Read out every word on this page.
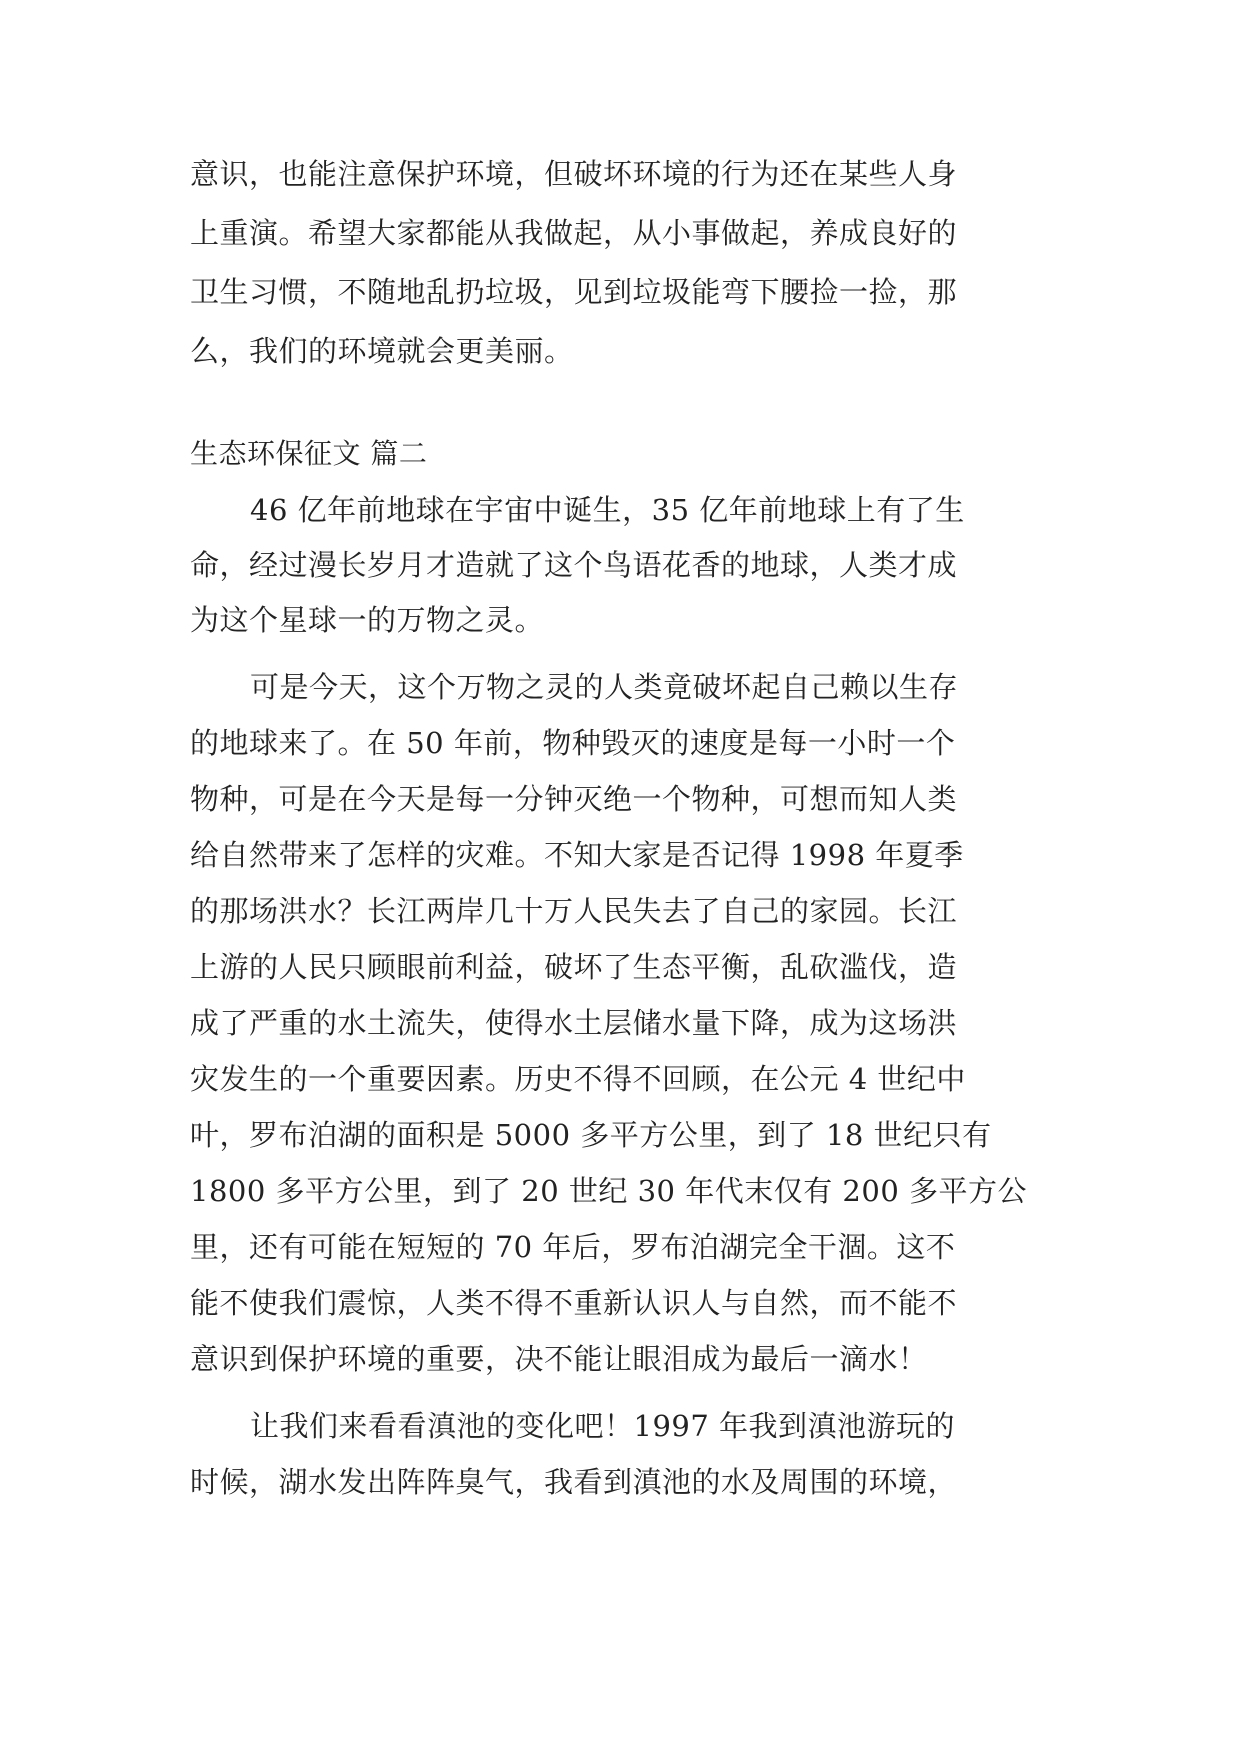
意识，也能注意保护环境，但破坏环境的行为还在某些人身
上重演。希望大家都能从我做起，从小事做起，养成良好的
卫生习惯，不随地乱扔垃圾，见到垃圾能弯下腰捡一捡，那
么，我们的环境就会更美丽。
生态环保征文 篇二
46 亿年前地球在宇宙中诞生，35 亿年前地球上有了生
命，经过漫长岁月才造就了这个鸟语花香的地球，人类才成
为这个星球一的万物之灵。
可是今天，这个万物之灵的人类竟破坏起自己赖以生存
的地球来了。在 50 年前，物种毁灭的速度是每一小时一个
物种，可是在今天是每一分钟灭绝一个物种，可想而知人类
给自然带来了怎样的灾难。不知大家是否记得 1998 年夏季
的那场洪水？长江两岸几十万人民失去了自己的家园。长江
上游的人民只顾眼前利益，破坏了生态平衡，乱砍滥伐，造
成了严重的水土流失，使得水土层储水量下降，成为这场洪
灾发生的一个重要因素。历史不得不回顾，在公元 4 世纪中
叶，罗布泊湖的面积是 5000 多平方公里，到了 18 世纪只有
1800 多平方公里，到了 20 世纪 30 年代末仅有 200 多平方公
里，还有可能在短短的 70 年后，罗布泊湖完全干涸。这不
能不使我们震惊，人类不得不重新认识人与自然，而不能不
意识到保护环境的重要，决不能让眼泪成为最后一滴水！
让我们来看看滇池的变化吧！1997 年我到滇池游玩的
时候，湖水发出阵阵臭气，我看到滇池的水及周围的环境，
